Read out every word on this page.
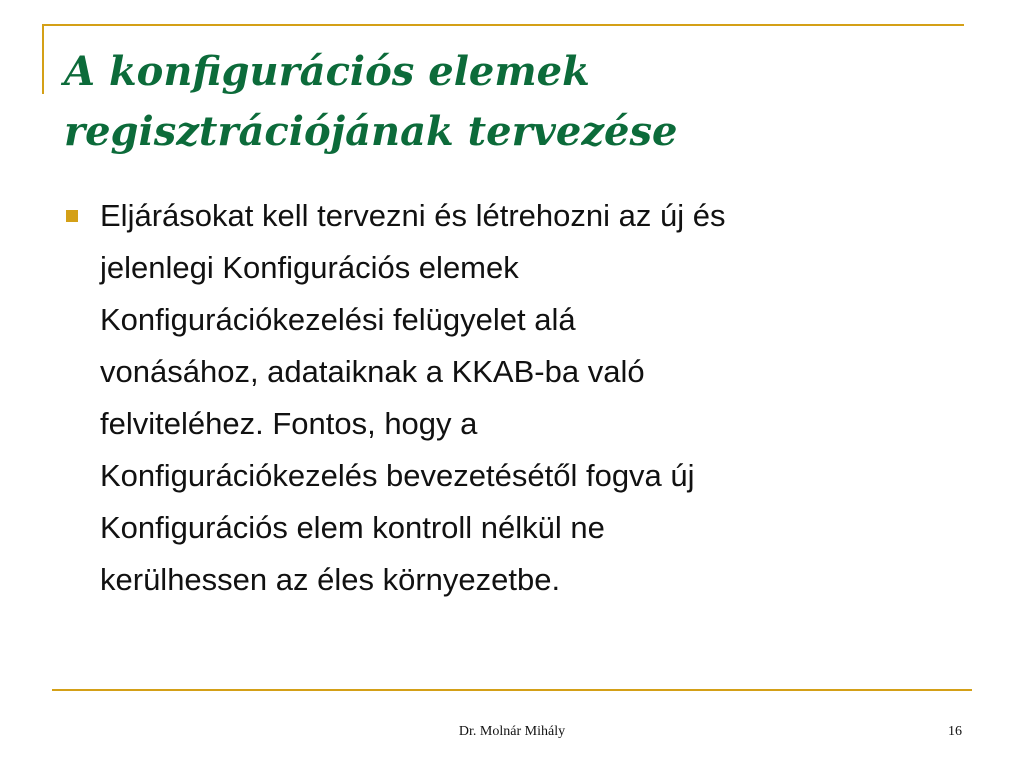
A konfigurációs elemek
regisztrációjának tervezése
Eljárásokat kell tervezni és létrehozni az új és
jelenlegi Konfigurációs elemek
Konfigurációkezelési felügyelet alá
vonásához, adataiknak a KKAB-ba való
felviteléhez. Fontos, hogy a
Konfigurációkezelés bevezetésétől fogva új
Konfigurációs elem kontroll nélkül ne
kerülhessen az éles környezetbe.
Dr. Molnár Mihály	16
